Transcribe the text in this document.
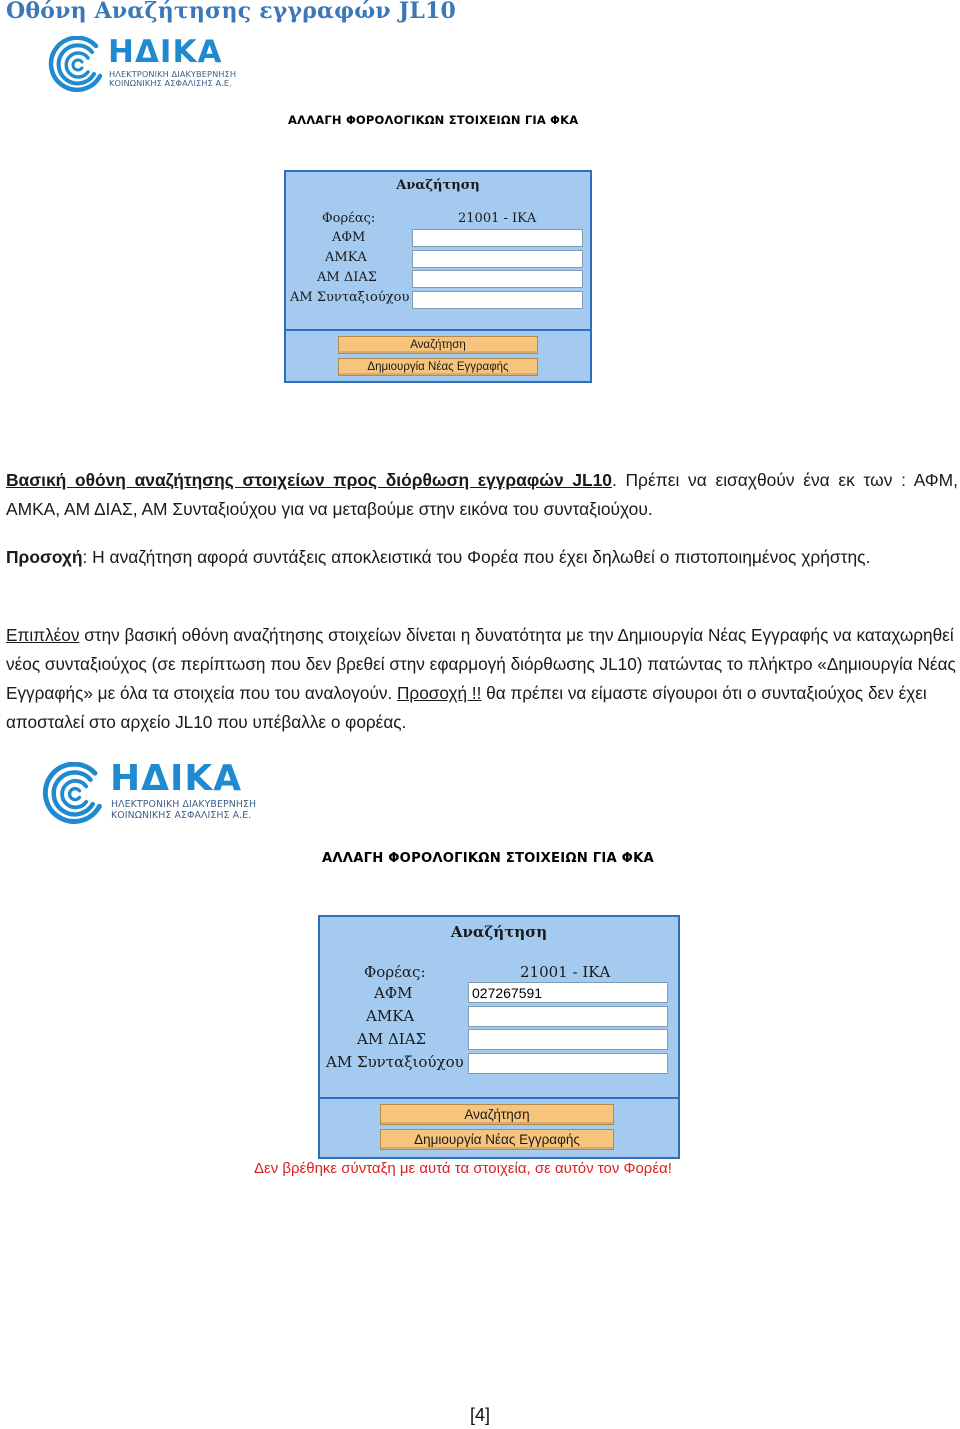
Οθόνη Αναζήτησης εγγραφών JL10
ΗΔΙΚΑ
ΗΛΕΚΤΡΟΝΙΚΗ ΔΙΑΚΥΒΕΡΝΗΣΗ
ΚΟΙΝΩΝΙΚΗΣ ΑΣΦΑΛΙΣΗΣ Α.Ε.
ΑΛΛΑΓΗ ΦΟΡΟΛΟΓΙΚΩΝ ΣΤΟΙΧΕΙΩΝ ΓΙΑ ΦΚΑ
Αναζήτηση
Φορέας:	21001 - ΙΚΑ
ΑΦΜ
ΑΜΚΑ
ΑΜ ΔΙΑΣ
ΑΜ Συνταξιούχου
Αναζήτηση
Δημιουργία Νέας Εγγραφής
Βασική οθόνη αναζήτησης στοιχείων προς διόρθωση εγγραφών JL10. Πρέπει να εισαχθούν ένα εκ των : ΑΦΜ, ΑΜΚΑ, ΑΜ ΔΙΑΣ, ΑΜ Συνταξιούχου για να μεταβούμε στην εικόνα του συνταξιούχου.
Προσοχή: Η αναζήτηση αφορά συντάξεις αποκλειστικά του Φορέα που έχει δηλωθεί ο πιστοποιημένος χρήστης.
Επιπλέον στην βασική οθόνη αναζήτησης στοιχείων δίνεται η δυνατότητα με την Δημιουργία Νέας Εγγραφής να καταχωρηθεί νέος συνταξιούχος (σε περίπτωση που δεν βρεθεί στην εφαρμογή διόρθωσης JL10) πατώντας το πλήκτρο «Δημιουργία Νέας Εγγραφής» με όλα τα στοιχεία που του αναλογούν. Προσοχή !! θα πρέπει να είμαστε σίγουροι ότι ο συνταξιούχος δεν έχει αποσταλεί στο αρχείο JL10 που υπέβαλλε ο φορέας.
ΗΔΙΚΑ
ΗΛΕΚΤΡΟΝΙΚΗ ΔΙΑΚΥΒΕΡΝΗΣΗ
ΚΟΙΝΩΝΙΚΗΣ ΑΣΦΑΛΙΣΗΣ Α.Ε.
ΑΛΛΑΓΗ ΦΟΡΟΛΟΓΙΚΩΝ ΣΤΟΙΧΕΙΩΝ ΓΙΑ ΦΚΑ
Αναζήτηση
Φορέας:	21001 - ΙΚΑ
ΑΦΜ	027267591
ΑΜΚΑ
ΑΜ ΔΙΑΣ
ΑΜ Συνταξιούχου
Αναζήτηση
Δημιουργία Νέας Εγγραφής
Δεν βρέθηκε σύνταξη με αυτά τα στοιχεία, σε αυτόν τον Φορέα!
[4]
